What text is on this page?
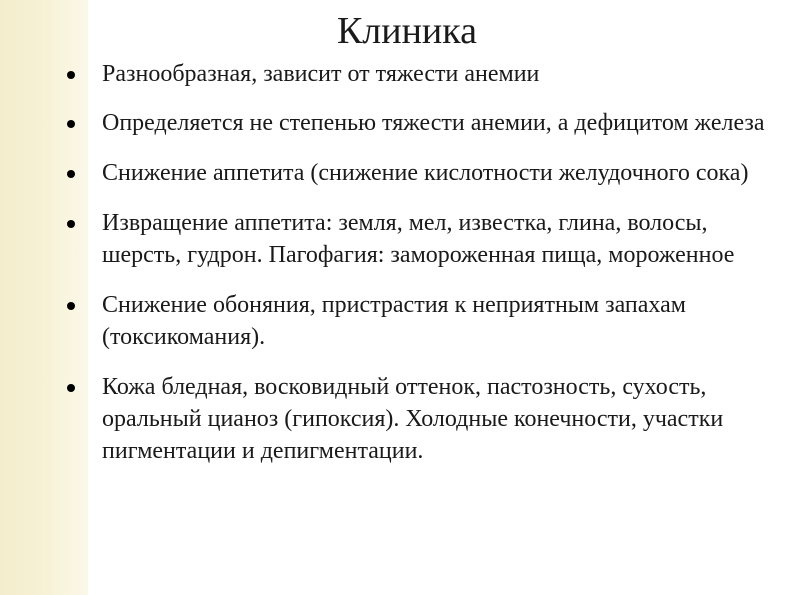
Клиника
Разнообразная, зависит от тяжести анемии
Определяется не степенью тяжести анемии, а дефицитом железа
Снижение аппетита (снижение кислотности желудочного сока)
Извращение аппетита: земля, мел, известка, глина, волосы, шерсть, гудрон. Пагофагия: замороженная пища, мороженное
Снижение обоняния, пристрастия к неприятным запахам (токсикомания).
Кожа бледная, восковидный оттенок, пастозность, сухость, оральный цианоз (гипоксия). Холодные конечности, участки пигментации и депигментации.
